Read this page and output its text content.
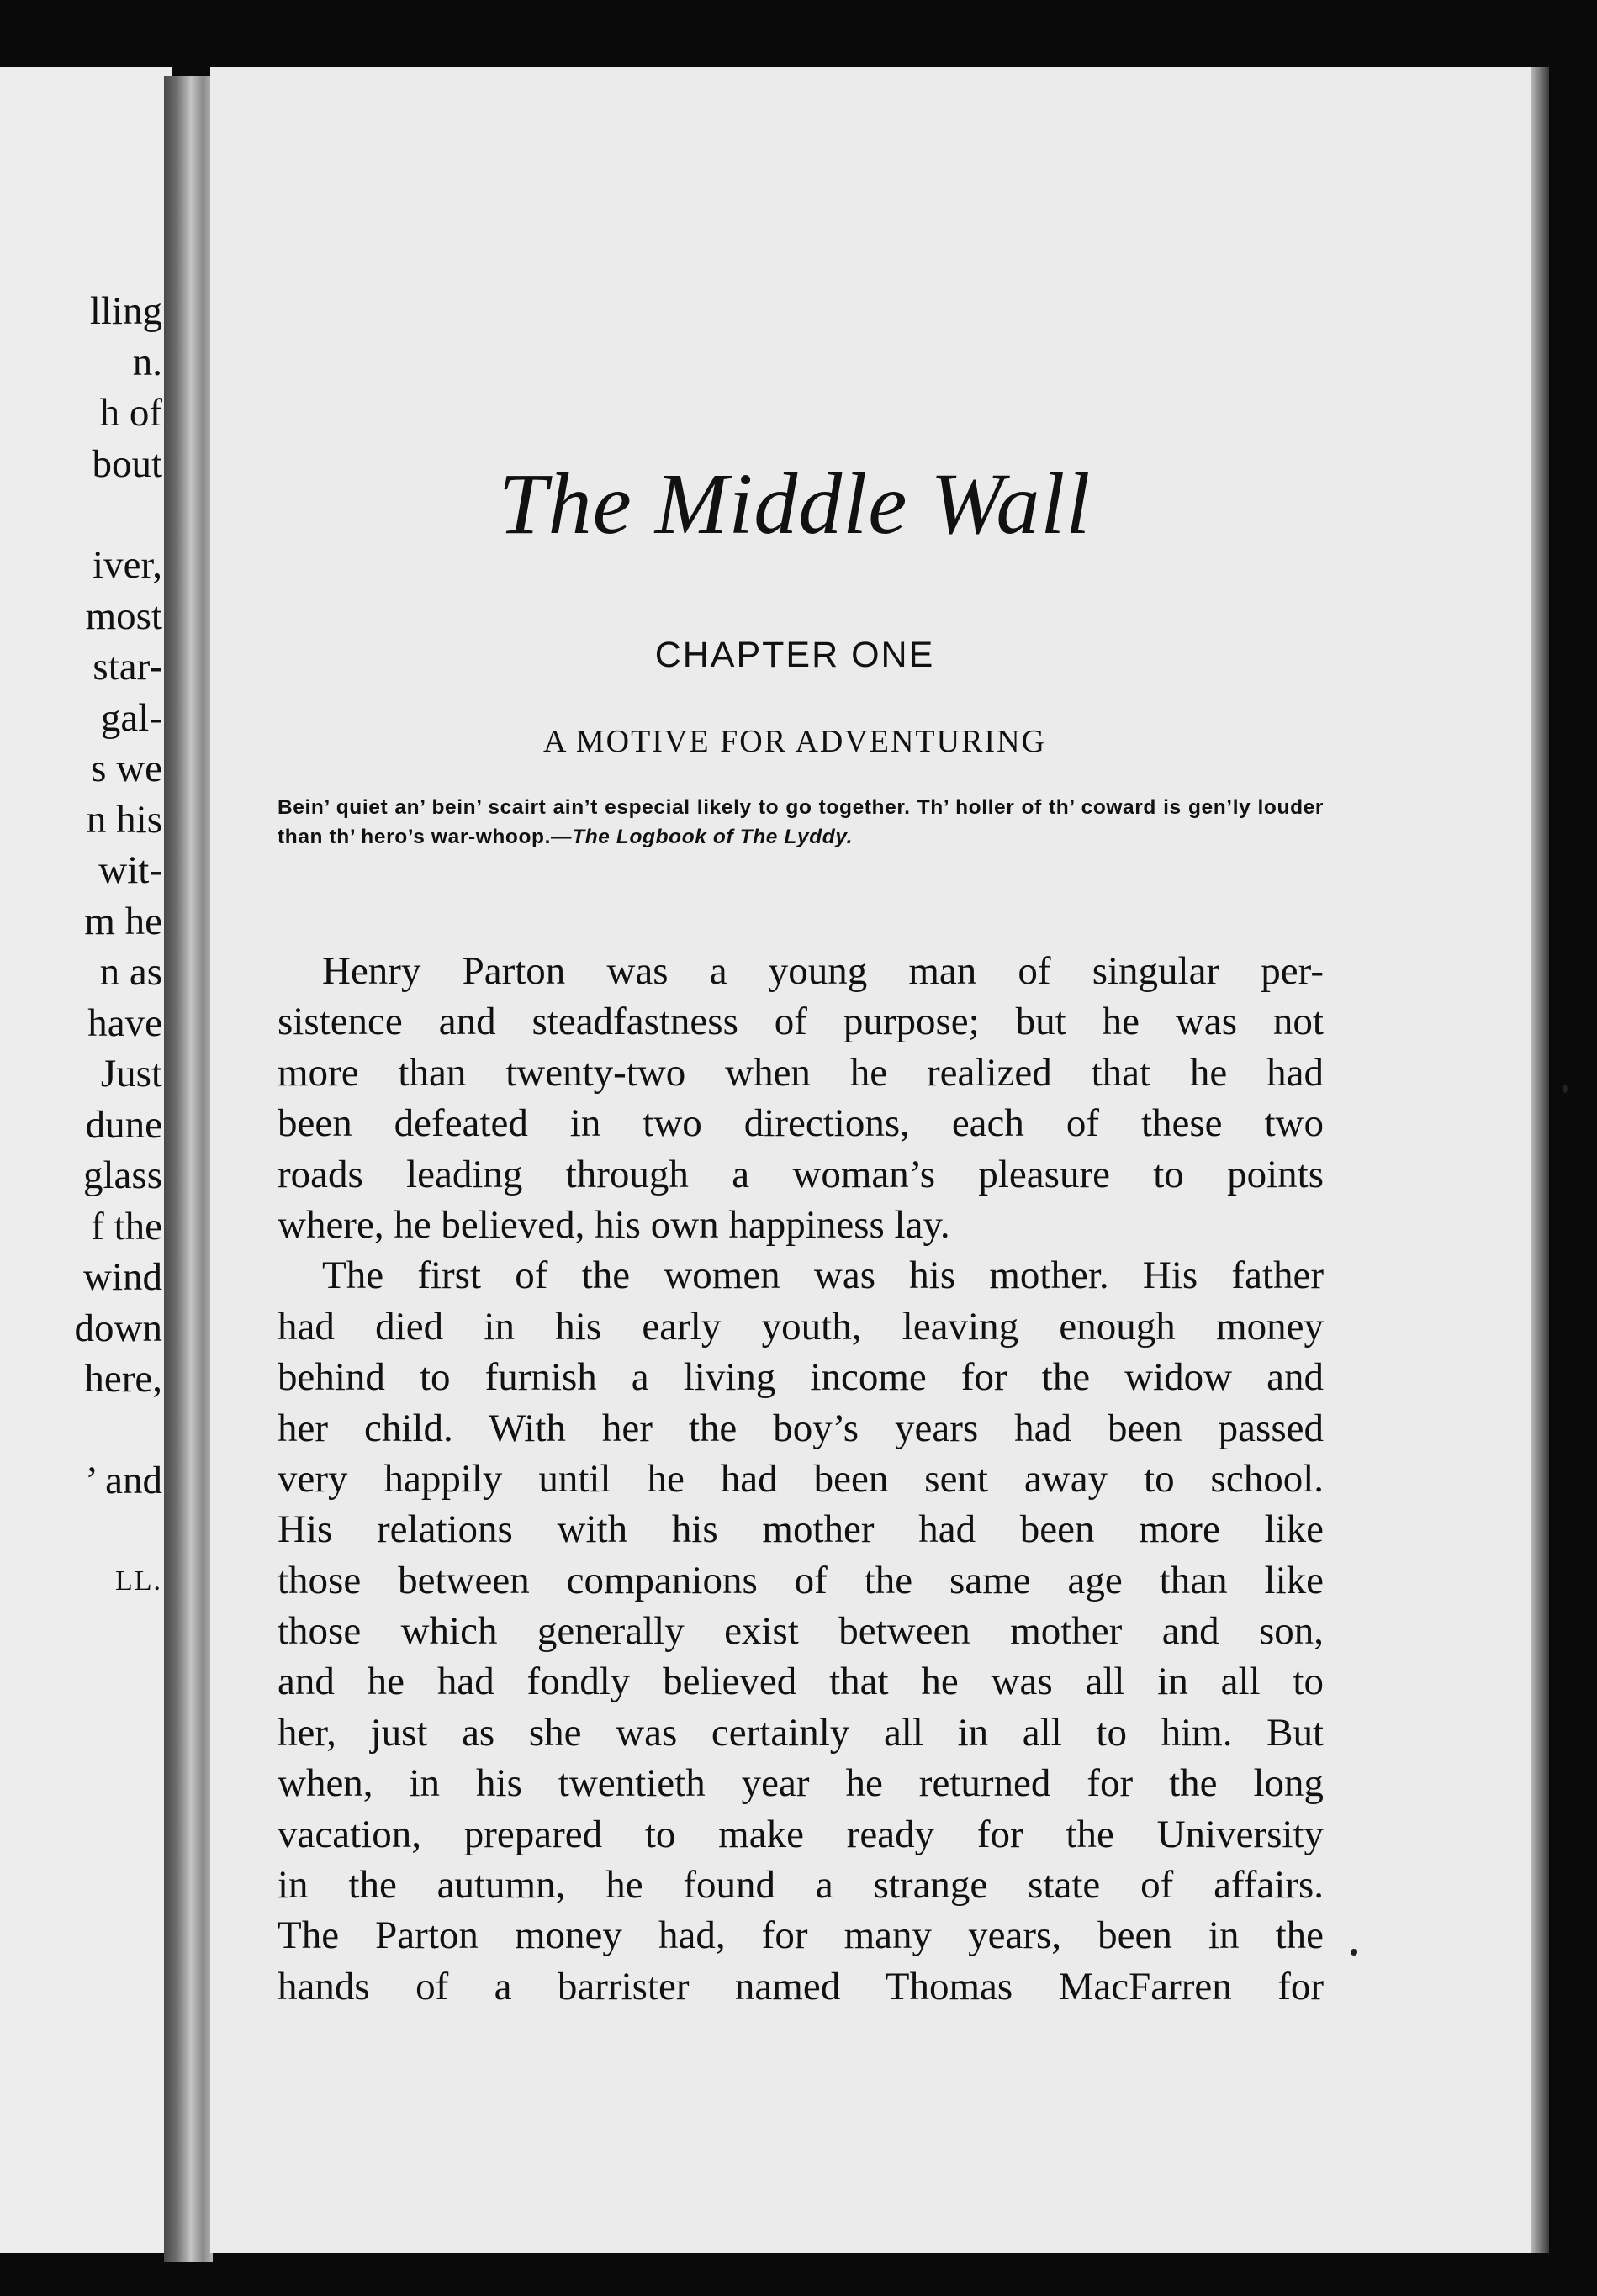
lling
n.
h of
bout
iver,
most
star-
gal-
s we
n his
wit-
m he
n as
have
Just
dune
glass
f the
wind
down
here,
’ and
LL.
The Middle Wall
CHAPTER ONE
A MOTIVE FOR ADVENTURING
Bein’ quiet an’ bein’ scairt ain’t especial likely to go together. Th’ holler of th’ coward is gen’ly louder than th’ hero’s war-whoop.—The Logbook of The Lyddy.
Henry Parton was a young man of singular per-
sistence and steadfastness of purpose; but he was not
more than twenty-two when he realized that he had
been defeated in two directions, each of these two
roads leading through a woman’s pleasure to points
where, he believed, his own happiness lay.
The first of the women was his mother. His father
had died in his early youth, leaving enough money
behind to furnish a living income for the widow and
her child. With her the boy’s years had been passed
very happily until he had been sent away to school.
His relations with his mother had been more like
those between companions of the same age than like
those which generally exist between mother and son,
and he had fondly believed that he was all in all to
her, just as she was certainly all in all to him. But
when, in his twentieth year he returned for the long
vacation, prepared to make ready for the University
in the autumn, he found a strange state of affairs.
The Parton money had, for many years, been in the
hands of a barrister named Thomas MacFarren for
